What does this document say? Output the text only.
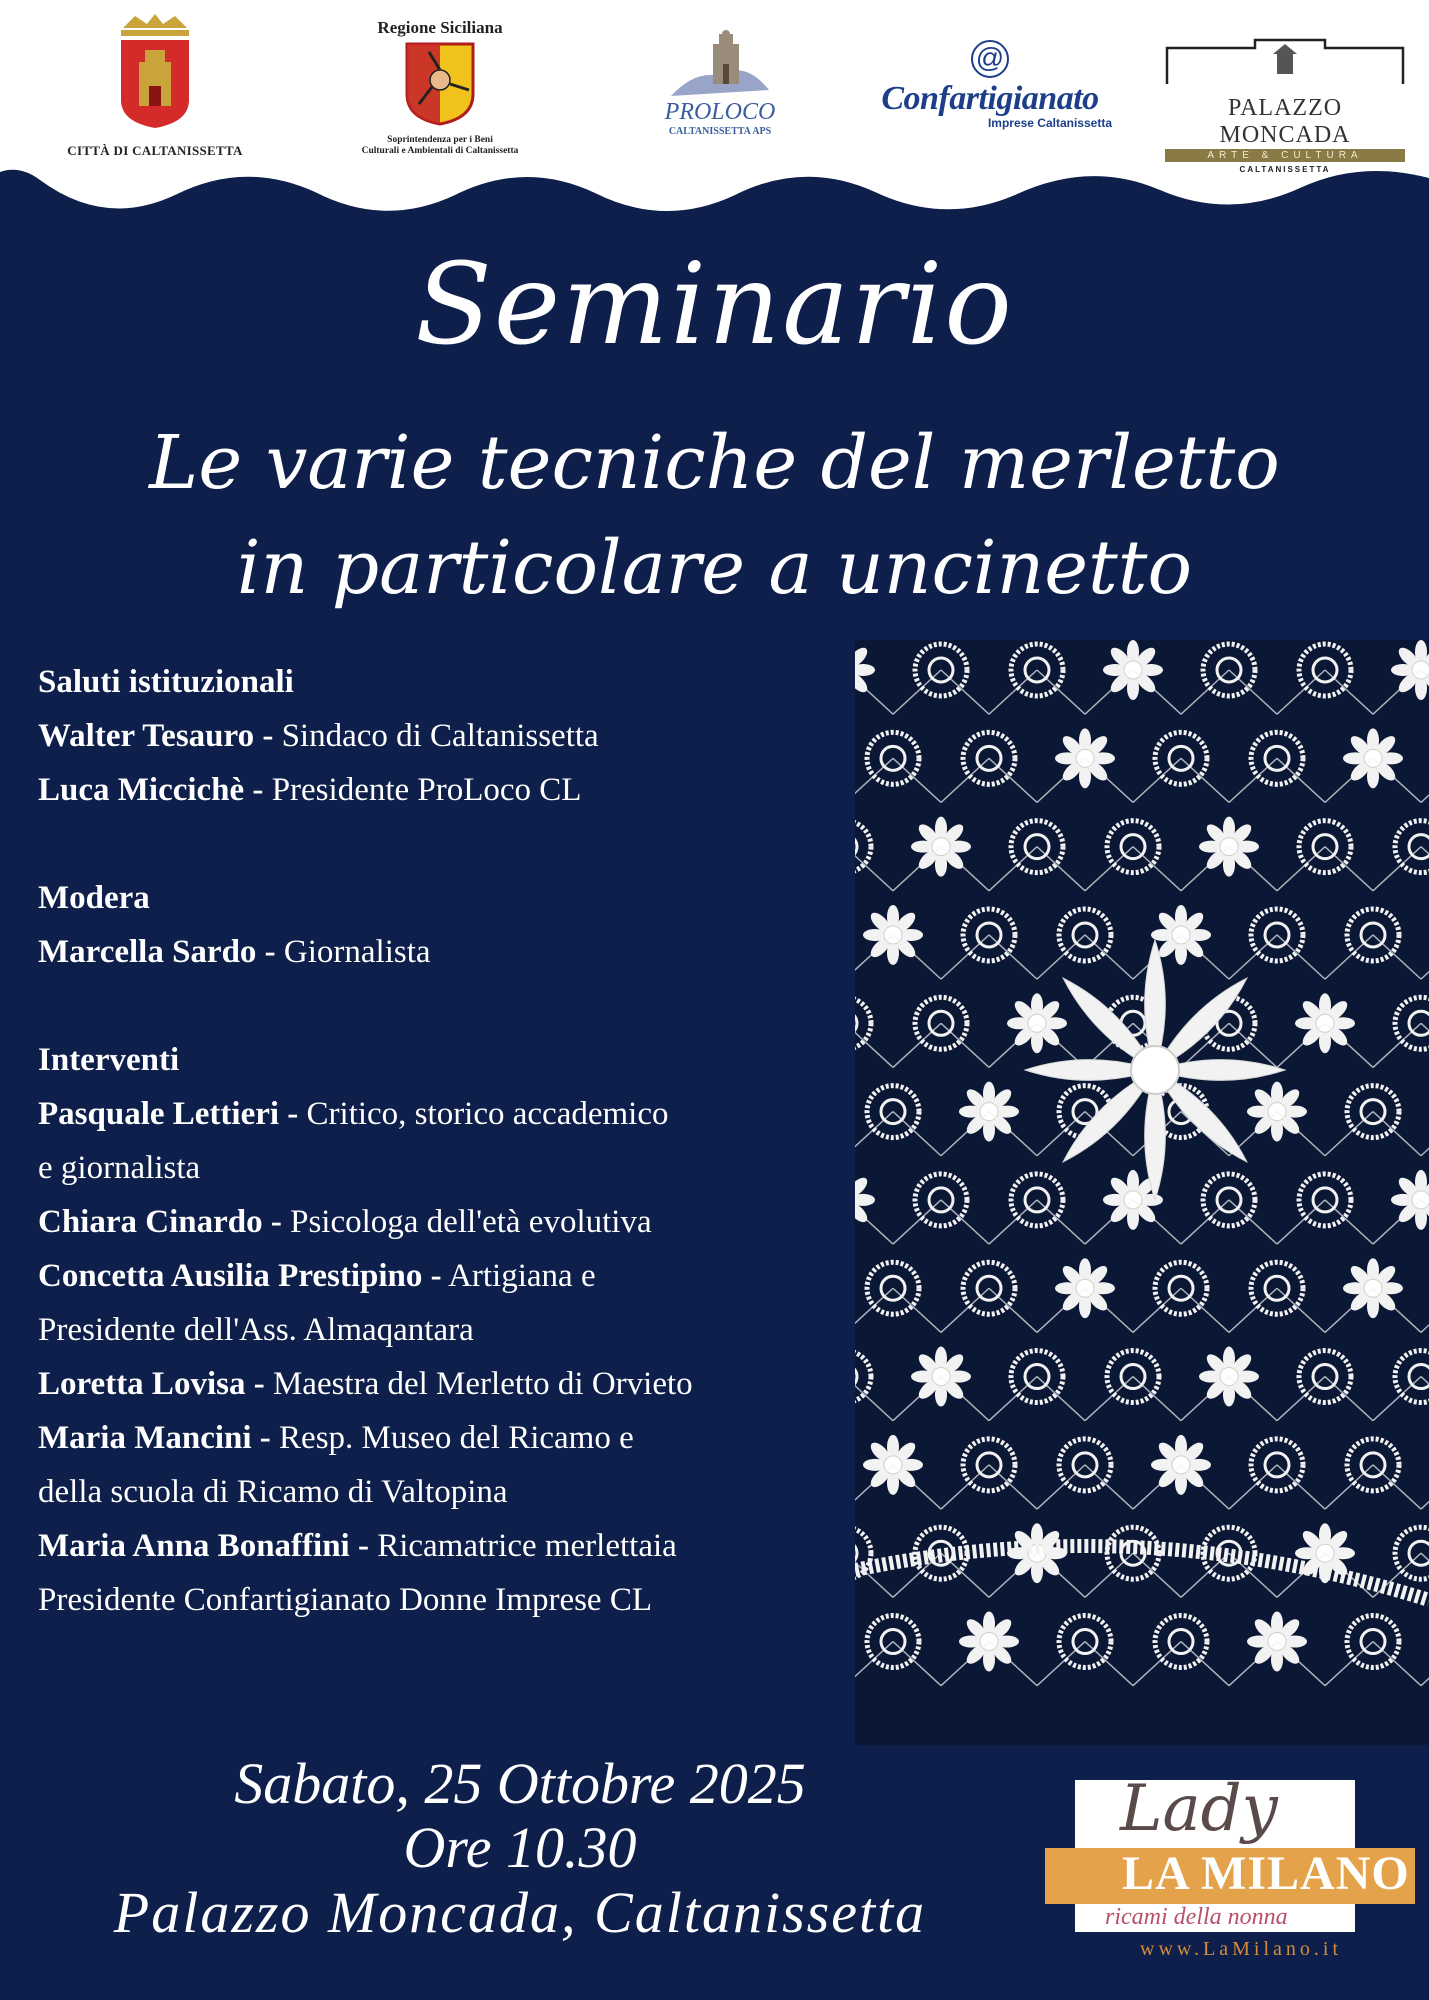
CITTÀ DI CALTANISSETTA
Regione Siciliana
Soprintendenza per i Beni
Culturali e Ambientali di Caltanissetta
PROLOCO
CALTANISSETTA APS
@
Confartigianato
Imprese Caltanissetta
PALAZZO MONCADA
ARTE & CULTURA
CALTANISSETTA
Seminario
Le varie tecniche del merletto
in particolare a uncinetto
Saluti istituzionali
Walter Tesauro - Sindaco di Caltanissetta
Luca Miccichè - Presidente ProLoco CL
Modera
Marcella Sardo - Giornalista
Interventi
Pasquale Lettieri - Critico, storico accademico
e giornalista
Chiara Cinardo - Psicologa dell'età evolutiva
Concetta Ausilia Prestipino - Artigiana e
Presidente dell'Ass. Almaqantara
Loretta Lovisa - Maestra del Merletto di Orvieto
Maria Mancini - Resp. Museo del Ricamo e
della scuola di Ricamo di Valtopina
Maria Anna Bonaffini - Ricamatrice merlettaia
Presidente Confartigianato Donne Imprese CL
Sabato, 25 Ottobre 2025
Ore 10.30
Palazzo Moncada, Caltanissetta
Lady
LA MILANO
ricami della nonna
www.LaMilano.it
